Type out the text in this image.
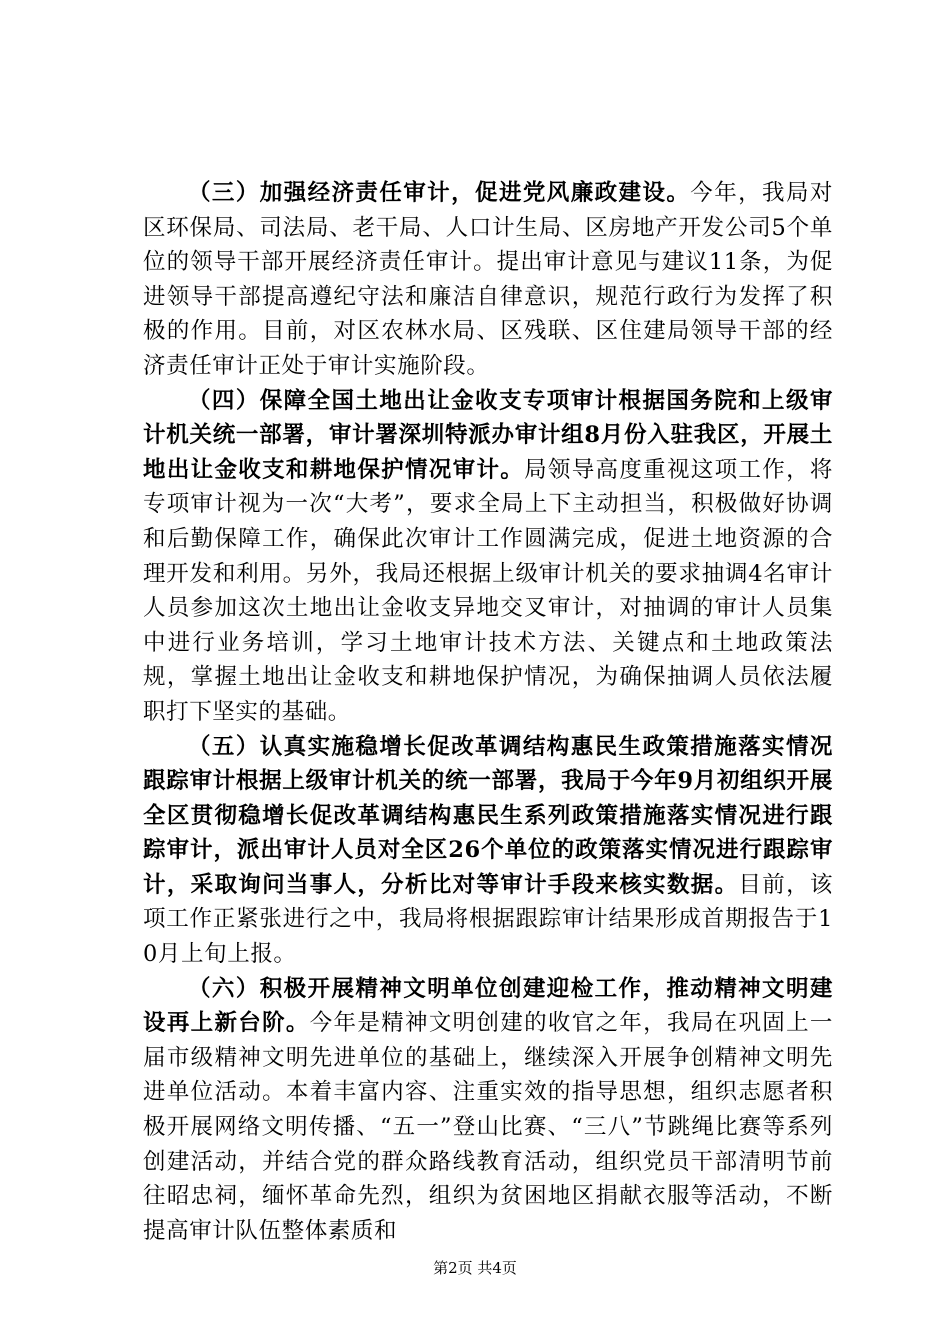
（三）加强经济责任审计，促进党风廉政建设。今年，我局对区环保局、司法局、老干局、人口计生局、区房地产开发公司5个单位的领导干部开展经济责任审计。提出审计意见与建议11条，为促进领导干部提高遵纪守法和廉洁自律意识，规范行政行为发挥了积极的作用。目前，对区农林水局、区残联、区住建局领导干部的经济责任审计正处于审计实施阶段。

（四）保障全国土地出让金收支专项审计根据国务院和上级审计机关统一部署，审计署深圳特派办审计组8月份入驻我区，开展土地出让金收支和耕地保护情况审计。局领导高度重视这项工作，将专项审计视为一次“大考”，要求全局上下主动担当，积极做好协调和后勤保障工作，确保此次审计工作圆满完成，促进土地资源的合理开发和利用。另外，我局还根据上级审计机关的要求抽调4名审计人员参加这次土地出让金收支异地交叉审计，对抽调的审计人员集中进行业务培训，学习土地审计技术方法、关键点和土地政策法规，掌握土地出让金收支和耕地保护情况，为确保抽调人员依法履职打下坚实的基础。

（五）认真实施稳增长促改革调结构惠民生政策措施落实情况跟踪审计根据上级审计机关的统一部署，我局于今年9月初组织开展全区贯彻稳增长促改革调结构惠民生系列政策措施落实情况进行跟踪审计，派出审计人员对全区26个单位的政策落实情况进行跟踪审计，采取询问当事人，分析比对等审计手段来核实数据。目前，该项工作正紧张进行之中，我局将根据跟踪审计结果形成首期报告于10月上旬上报。

（六）积极开展精神文明单位创建迎检工作，推动精神文明建设再上新台阶。今年是精神文明创建的收官之年，我局在巩固上一届市级精神文明先进单位的基础上，继续深入开展争创精神文明先进单位活动。本着丰富内容、注重实效的指导思想，组织志愿者积极开展网络文明传播、“五一”登山比赛、“三八”节跳绳比赛等系列创建活动，并结合党的群众路线教育活动，组织党员干部清明节前往昭忠祠，缅怀革命先烈，组织为贫困地区捐献衣服等活动，不断提高审计队伍整体素质和

第2页 共4页
